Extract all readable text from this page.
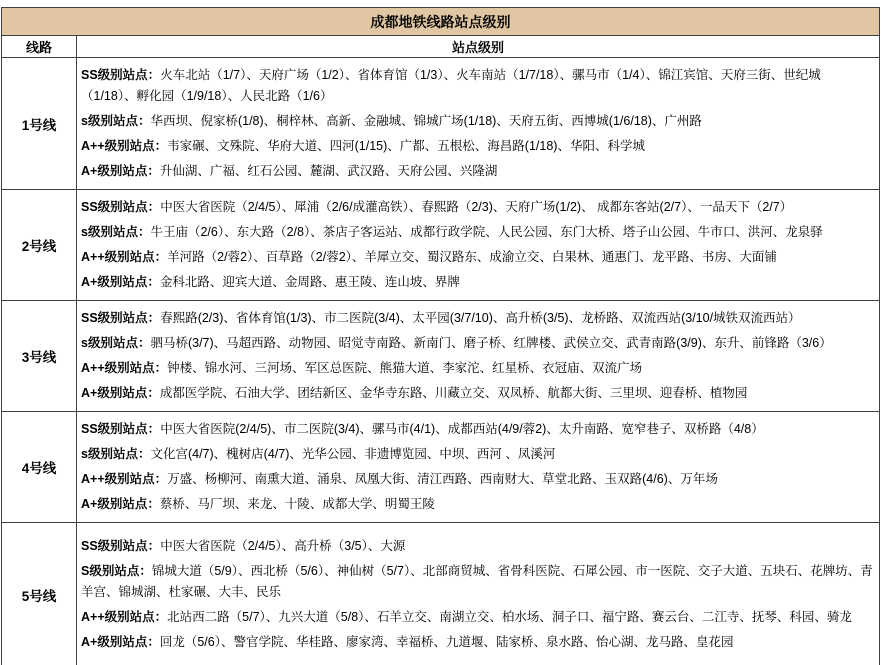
成都地铁线路站点级别	
线路	站点级别
1号线	SS级别站点：火车北站（1/7）、天府广场（1/2）、省体育馆（1/3）、火车南站（1/7/18）、骡马市（1/4）、锦江宾馆、天府三街、世纪城（1/18）、孵化园（1/9/18）、人民北路（1/6）

s级别站点：华西坝、倪家桥(1/8)、桐梓林、高新、金融城、锦城广场(1/18)、天府五街、西博城(1/6/18)、广州路

A++级别站点：韦家碾、文殊院、华府大道、四河(1/15)、广都、五根松、海昌路(1/18)、华阳、科学城

A+级别站点：升仙湖、广福、红石公园、麓湖、武汉路、天府公园、兴隆湖

2号线	SS级别站点：中医大省医院（2/4/5）、犀浦（2/6/成灌高铁）、春熙路（2/3)、天府广场(1/2)、 成都东客站(2/7）、一品天下（2/7）

s级别站点：牛王庙（2/6）、东大路（2/8）、茶店子客运站、成都行政学院、人民公园、东门大桥、塔子山公园、牛市口、洪河、龙泉驿

A++级别站点：羊河路（2/蓉2）、百草路（2/蓉2）、羊犀立交、蜀汉路东、成渝立交、白果林、通惠门、龙平路、书房、大面铺

A+级别站点：金科北路、迎宾大道、金周路、惠王陵、连山坡、界牌

3号线	SS级别站点：春熙路(2/3)、省体育馆(1/3)、市二医院(3/4)、太平园(3/7/10)、高升桥(3/5)、龙桥路、双流西站(3/10/城铁双流西站）

s级别站点：驷马桥(3/7)、马超西路、动物园、昭觉寺南路、新南门、磨子桥、红牌楼、武侯立交、武青南路(3/9)、东升、前锋路（3/6）

A++级别站点：钟楼、锦水河、三河场、军区总医院、熊猫大道、李家沱、红星桥、衣冠庙、双流广场

A+级别站点：成都医学院、石油大学、团结新区、金华寺东路、川藏立交、双凤桥、航都大街、三里坝、迎春桥、植物园

4号线	SS级别站点：中医大省医院(2/4/5)、市二医院(3/4)、骡马市(4/1)、成都西站(4/9/蓉2)、太升南路、宽窄巷子、双桥路（4/8）

s级别站点：文化宫(4/7)、槐树店(4/7)、光华公园、非遗博览园、中坝、西河 、凤溪河

A++级别站点：万盛、杨柳河、南熏大道、涌泉、凤凰大街、清江西路、西南财大、草堂北路、玉双路(4/6)、万年场

A+级别站点：蔡桥、马厂坝、来龙、十陵、成都大学、明蜀王陵

5号线	SS级别站点：中医大省医院（2/4/5）、高升桥（3/5）、大源

S级别站点：锦城大道（5/9）、西北桥（5/6）、神仙树（5/7）、北部商贸城、省骨科医院、石犀公园、市一医院、交子大道、五块石、花牌坊、青羊宫、锦城湖、杜家碾、大丰、民乐

A++级别站点：北站西二路（5/7）、九兴大道（5/8）、石羊立交、南湖立交、柏水场、洞子口、福宁路、赛云台、二江寺、抚琴、科园、骑龙

A+级别站点：回龙（5/6）、警官学院、华桂路、廖家湾、幸福桥、九道堰、陆家桥、泉水路、怡心湖、龙马路、皇花园
